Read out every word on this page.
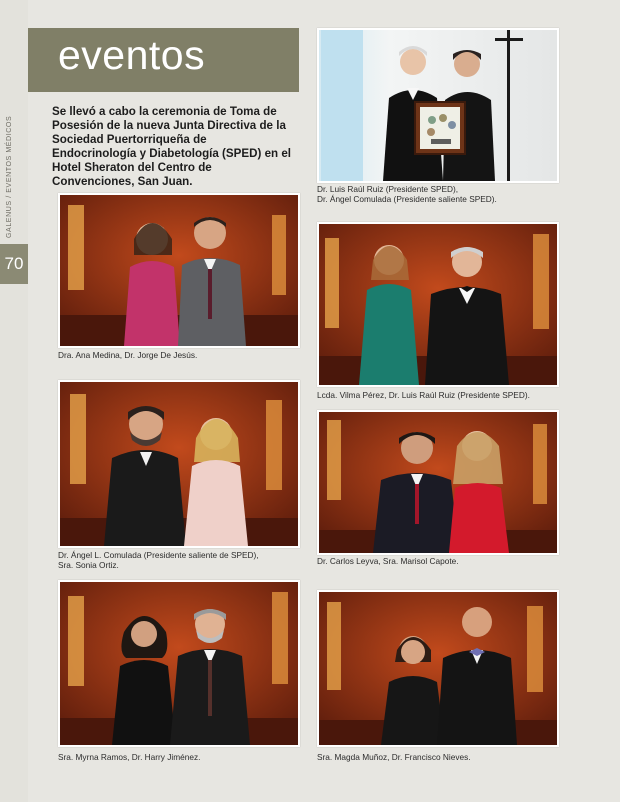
GALENUS / EVENTOS MÉDICOS
70
eventos
Se llevó a cabo la ceremonia de Toma de Posesión de la nueva Junta Directiva de la Sociedad Puertorriqueña de Endocrinología y Diabetología (SPED) en el Hotel Sheraton del Centro de Convenciones, San Juan.
Dr. Luis Raúl Ruiz (Presidente SPED),
Dr. Ángel Comulada (Presidente saliente SPED).
Dra. Ana Medina, Dr. Jorge De Jesús.
Lcda. Vilma Pérez, Dr. Luis Raúl Ruiz (Presidente SPED).
Dr. Ángel L. Comulada (Presidente saliente de SPED),
Sra. Sonia Ortiz.	Dr. Carlos Leyva, Sra. Marisol Capote.
Sra. Myrna Ramos, Dr. Harry Jiménez.	Sra. Magda Muñoz, Dr. Francisco Nieves.
